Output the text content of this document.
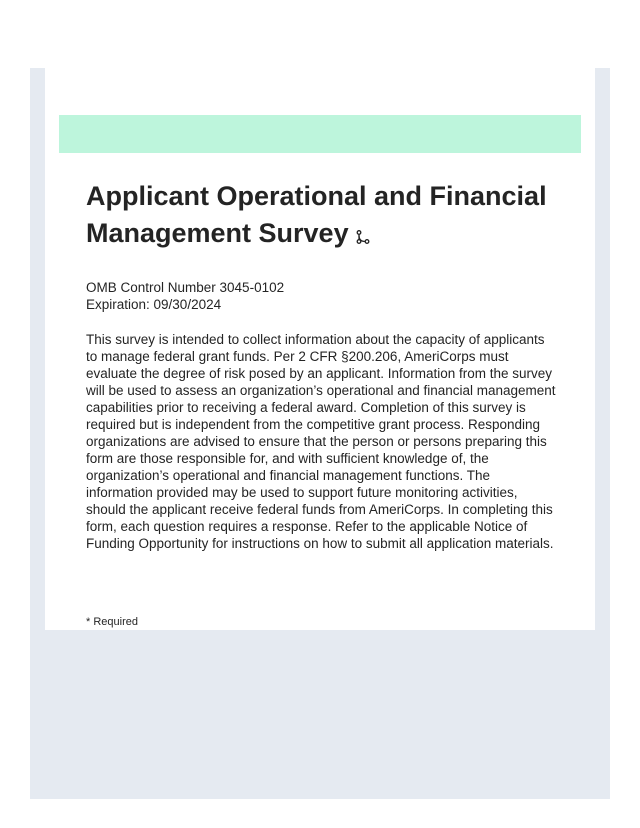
Applicant Operational and Financial Management Survey
OMB Control Number 3045-0102
Expiration: 09/30/2024

This survey is intended to collect information about the capacity of applicants to manage federal grant funds. Per 2 CFR §200.206, AmeriCorps must evaluate the degree of risk posed by an applicant. Information from the survey will be used to assess an organization’s operational and financial management capabilities prior to receiving a federal award. Completion of this survey is required but is independent from the competitive grant process. Responding organizations are advised to ensure that the person or persons preparing this form are those responsible for, and with sufficient knowledge of, the organization’s operational and financial management functions. The information provided may be used to support future monitoring activities, should the applicant receive federal funds from AmeriCorps. In completing this form, each question requires a response. Refer to the applicable Notice of Funding Opportunity for instructions on how to submit all application materials.

* Required
